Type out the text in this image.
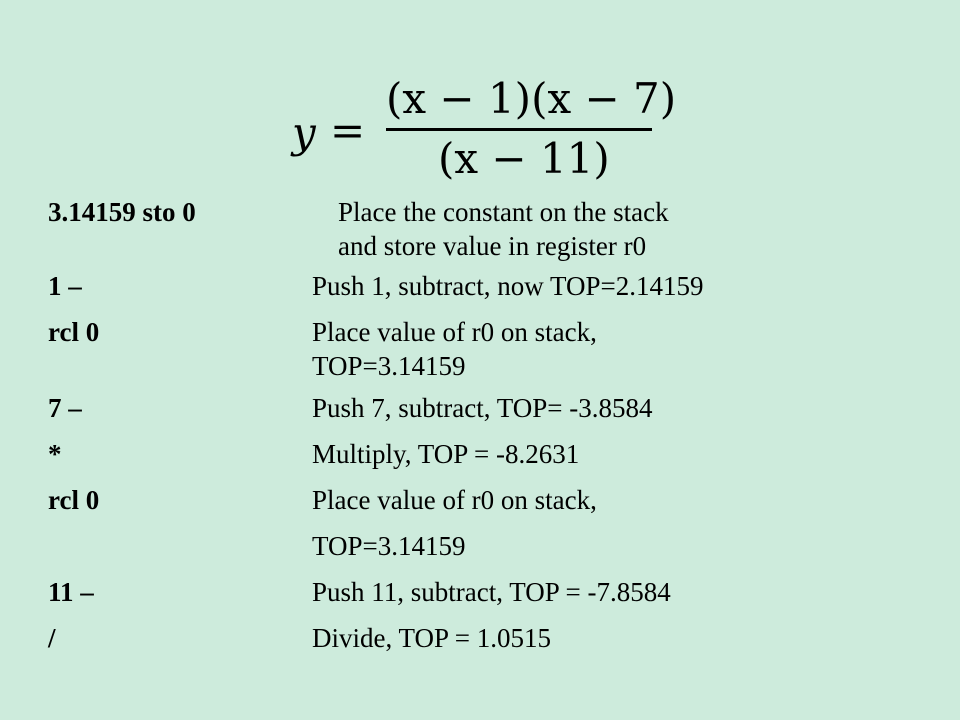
y =
(x − 1)(x − 7)
(x − 11)
3.14159 sto 0	Place the constant on the stack
and store value in register r0
1 –	Push 1, subtract, now TOP=2.14159
rcl 0	Place value of r0 on stack,
TOP=3.14159
7 –	Push 7, subtract, TOP= -3.8584
*	Multiply, TOP = -8.2631
rcl 0	Place value of r0 on stack,
TOP=3.14159
11 –	Push 11, subtract, TOP = -7.8584
/	Divide, TOP = 1.0515
